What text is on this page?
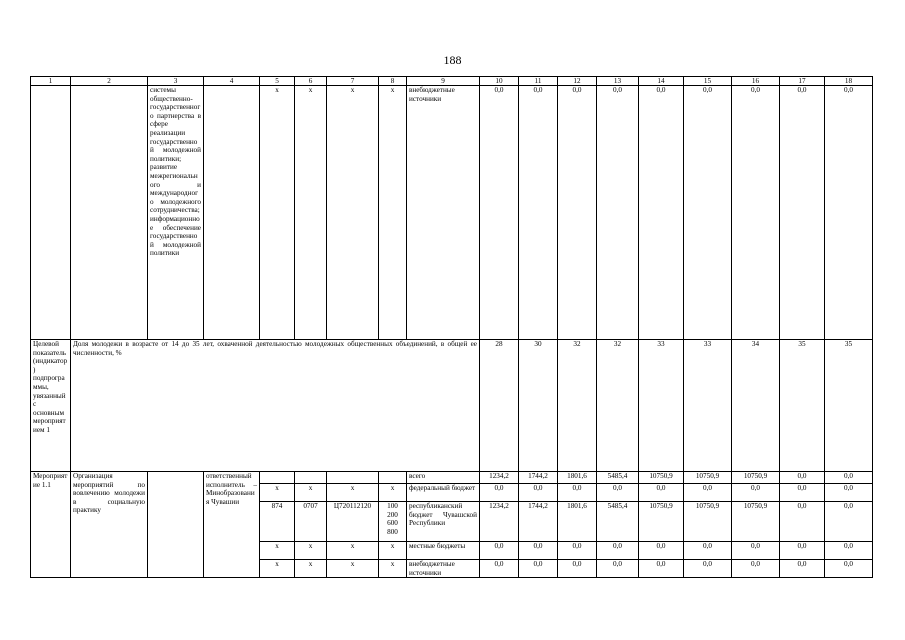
188
1	2	3	4	5	6	7	8	9	10	11	12	13	14	15	16	17	18
		системы общественно-государственного партнерства в сфере реализации государственной молодежной политики; развитие межрегионального и международного молодежного сотрудничества; информационное обеспечение государственной молодежной политики		x	x	x	x	внебюджетные источники	0,0	0,0	0,0	0,0	0,0	0,0	0,0	0,0	0,0
Целевой показатель (индикатор) подпрограммы, увязанный с основным мероприятием 1	Доля молодежи в возрасте от 14 до 35 лет, охваченной деятельностью молодежных общественных объединений, в общей ее численности, %								28	30	32	32	33	33	34	35	35
Мероприятие 1.1	Организация мероприятий по вовлечению молодежи в социальную практику		ответственный исполнитель – Минобразования Чувашии					всего	1234,2	1744,2	1801,6	5485,4	10750,9	10750,9	10750,9	0,0	0,0
				x	x	x	x	федеральный бюджет	0,0	0,0	0,0	0,0	0,0	0,0	0,0	0,0	0,0
				874	0707	Ц720112120	100 200 600 800	республиканский бюджет Чувашской Республики	1234,2	1744,2	1801,6	5485,4	10750,9	10750,9	10750,9	0,0	0,0
				x	x	x	x	местные бюджеты	0,0	0,0	0,0	0,0	0,0	0,0	0,0	0,0	0,0
				x	x	x	x	внебюджетные источники	0,0	0,0	0,0	0,0	0,0	0,0	0,0	0,0	0,0
